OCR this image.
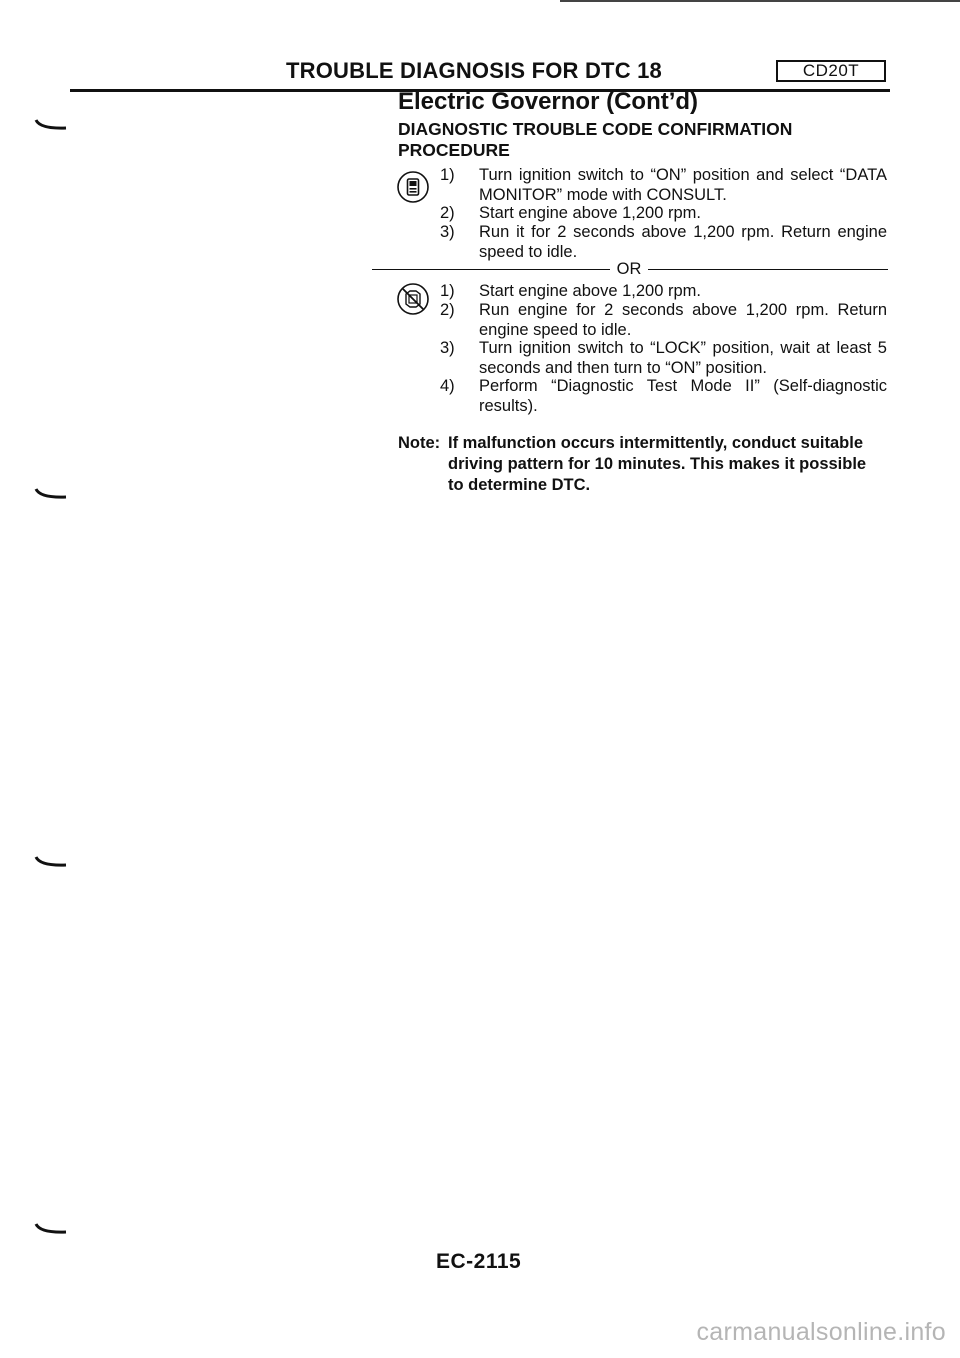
TROUBLE DIAGNOSIS FOR DTC 18	CD20T
Electric Governor (Cont’d)
DIAGNOSTIC TROUBLE CODE CONFIRMATION PROCEDURE
1)	Turn ignition switch to “ON” position and select “DATA MONITOR” mode with CONSULT.
2)	Start engine above 1,200 rpm.
3)	Run it for 2 seconds above 1,200 rpm. Return engine speed to idle.
OR
1)	Start engine above 1,200 rpm.
2)	Run engine for 2 seconds above 1,200 rpm. Return engine speed to idle.
3)	Turn ignition switch to “LOCK” position, wait at least 5 seconds and then turn to “ON” position.
4)	Perform “Diagnostic Test Mode II” (Self-diagnostic results).
Note: If malfunction occurs intermittently, conduct suitable driving pattern for 10 minutes. This makes it possible to determine DTC.
EC-2115
carmanualsonline.info
